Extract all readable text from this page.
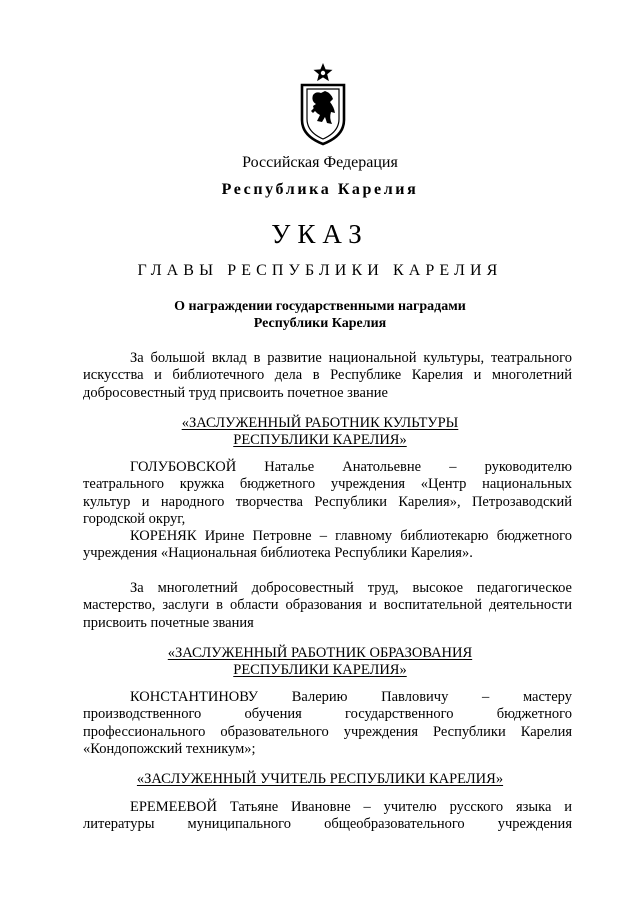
Российская Федерация
Республика Карелия
УКАЗ
ГЛАВЫ РЕСПУБЛИКИ КАРЕЛИЯ
О награждении государственными наградами
Республики Карелия
За большой вклад в развитие национальной культуры, театрального
искусства и библиотечного дела в Республике Карелия и многолетний
добросовестный труд присвоить почетное звание
«ЗАСЛУЖЕННЫЙ РАБОТНИК КУЛЬТУРЫ
РЕСПУБЛИКИ КАРЕЛИЯ»
ГОЛУБОВСКОЙ Наталье Анатольевне – руководителю
театрального кружка бюджетного учреждения «Центр национальных
культур и народного творчества Республики Карелия», Петрозаводский
городской округ,
КОРЕНЯК Ирине Петровне – главному библиотекарю бюджетного
учреждения «Национальная библиотека Республики Карелия».
За многолетний добросовестный труд, высокое педагогическое
мастерство, заслуги в области образования и воспитательной деятельности
присвоить почетные звания
«ЗАСЛУЖЕННЫЙ РАБОТНИК ОБРАЗОВАНИЯ
РЕСПУБЛИКИ КАРЕЛИЯ»
КОНСТАНТИНОВУ Валерию Павловичу – мастеру
производственного обучения государственного бюджетного
профессионального образовательного учреждения Республики Карелия
«Кондопожский техникум»;
«ЗАСЛУЖЕННЫЙ УЧИТЕЛЬ РЕСПУБЛИКИ КАРЕЛИЯ»
ЕРЕМЕЕВОЙ Татьяне Ивановне – учителю русского языка и
литературы муниципального общеобразовательного учреждения
